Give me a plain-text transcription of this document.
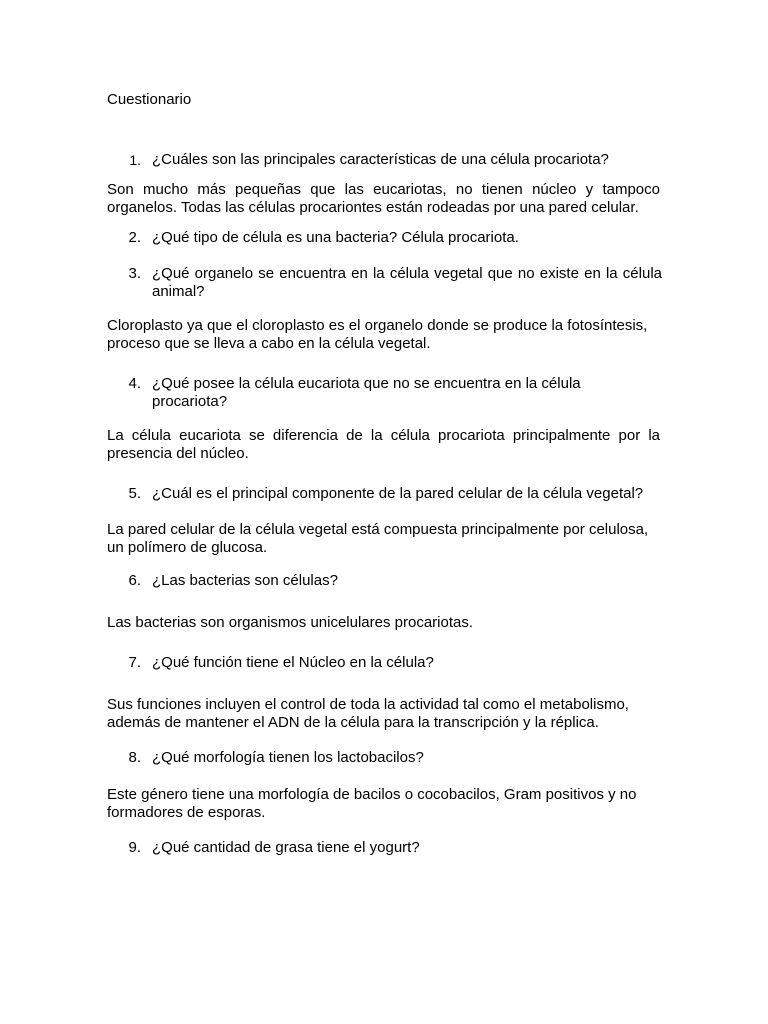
Cuestionario
1. ¿Cuáles son las principales características de una célula procariota?
Son mucho más pequeñas que las eucariotas, no tienen núcleo y tampoco organelos. Todas las células procariontes están rodeadas por una pared celular.
2. ¿Qué tipo de célula es una bacteria? Célula procariota.
3. ¿Qué organelo se encuentra en la célula vegetal que no existe en la célula animal?
Cloroplasto ya que el cloroplasto es el organelo donde se produce la fotosíntesis, proceso que se lleva a cabo en la célula vegetal.
4. ¿Qué posee la célula eucariota que no se encuentra en la célula procariota?
La célula eucariota se diferencia de la célula procariota principalmente por la presencia del núcleo.
5. ¿Cuál es el principal componente de la pared celular de la célula vegetal?
La pared celular de la célula vegetal está compuesta principalmente por celulosa, un polímero de glucosa.
6. ¿Las bacterias son células?
Las bacterias son organismos unicelulares procariotas.
7. ¿Qué función tiene el Núcleo en la célula?
Sus funciones incluyen el control de toda la actividad tal como el metabolismo, además de mantener el ADN de la célula para la transcripción y la réplica.
8. ¿Qué morfología tienen los lactobacilos?
Este género tiene una morfología de bacilos o cocobacilos, Gram positivos y no formadores de esporas.
9. ¿Qué cantidad de grasa tiene el yogurt?
